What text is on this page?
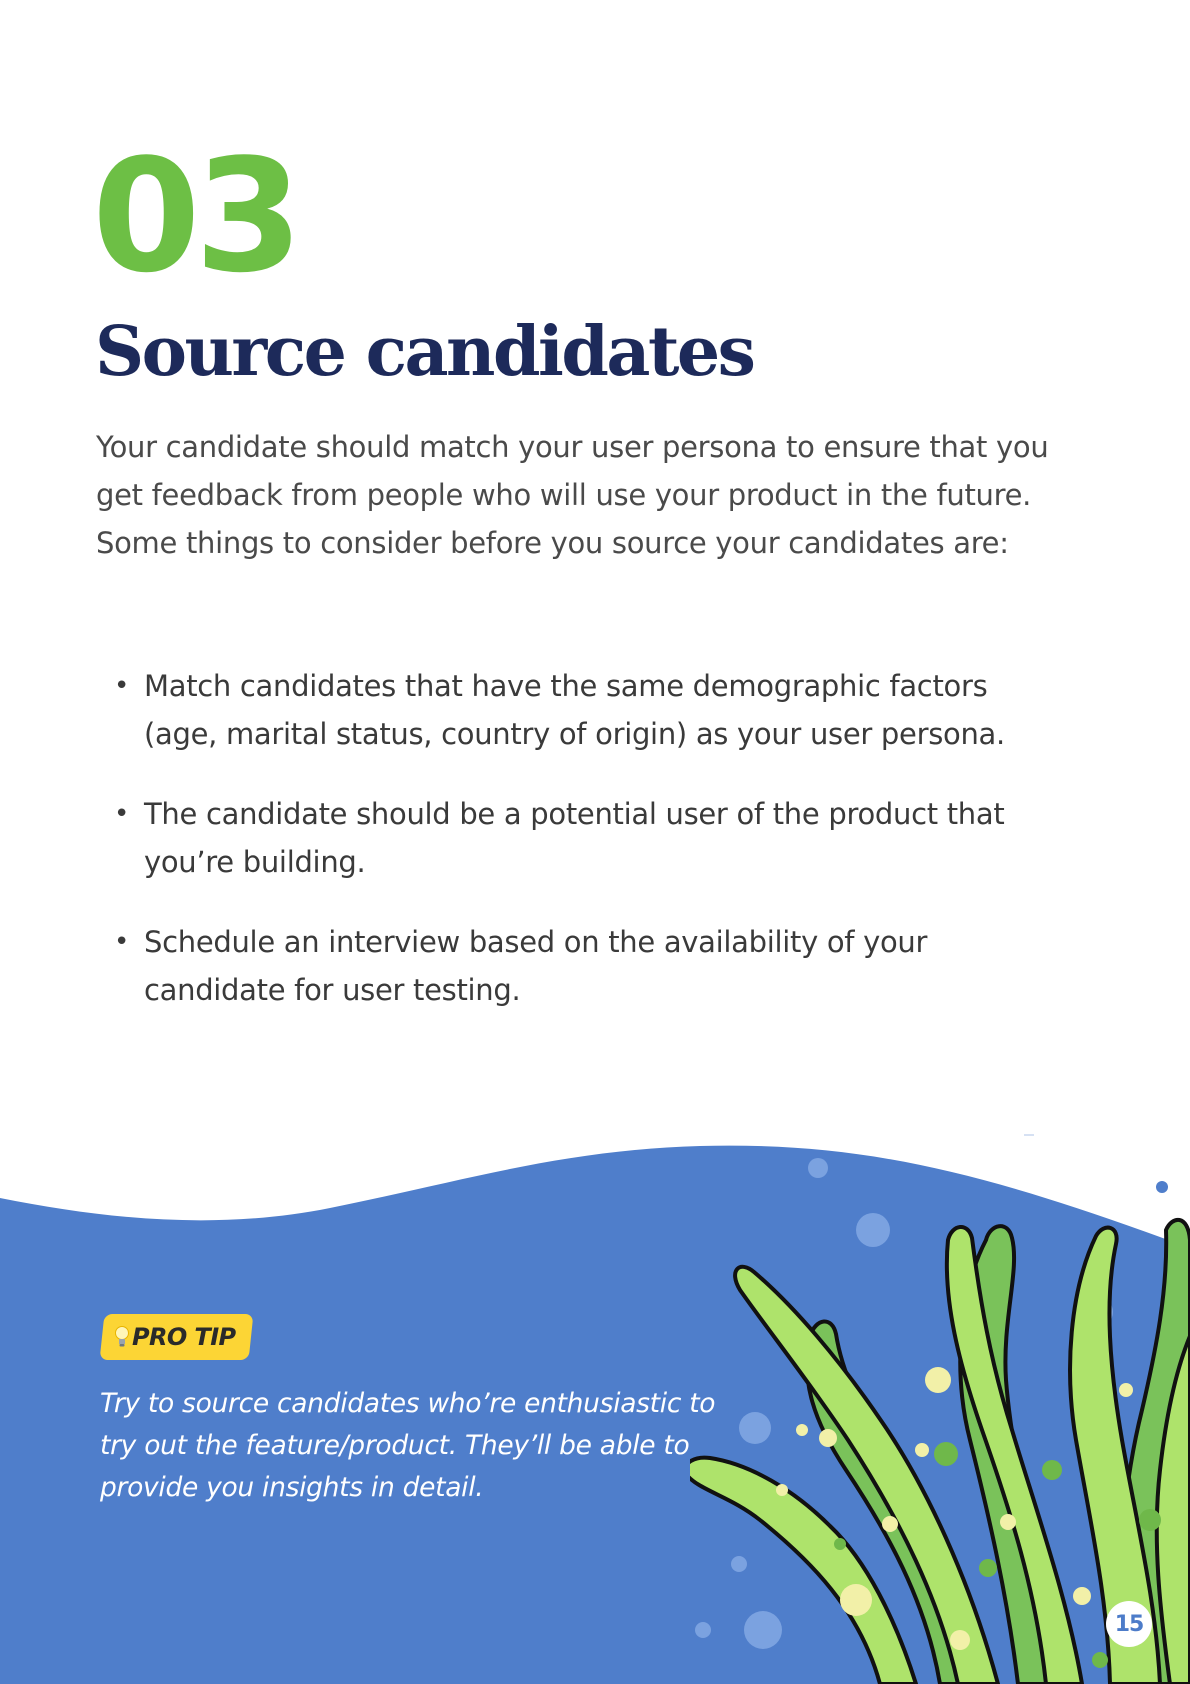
03
Source candidates

Your candidate should match your user persona to ensure that you get feedback from people who will use your product in the future. Some things to consider before you source your candidates are:

• Match candidates that have the same demographic factors (age, marital status, country of origin) as your user persona.
• The candidate should be a potential user of the product that you’re building.
• Schedule an interview based on the availability of your candidate for user testing.
PRO TIP

Try to source candidates who’re enthusiastic to try out the feature/product. They’ll be able to provide you insights in detail.

15
